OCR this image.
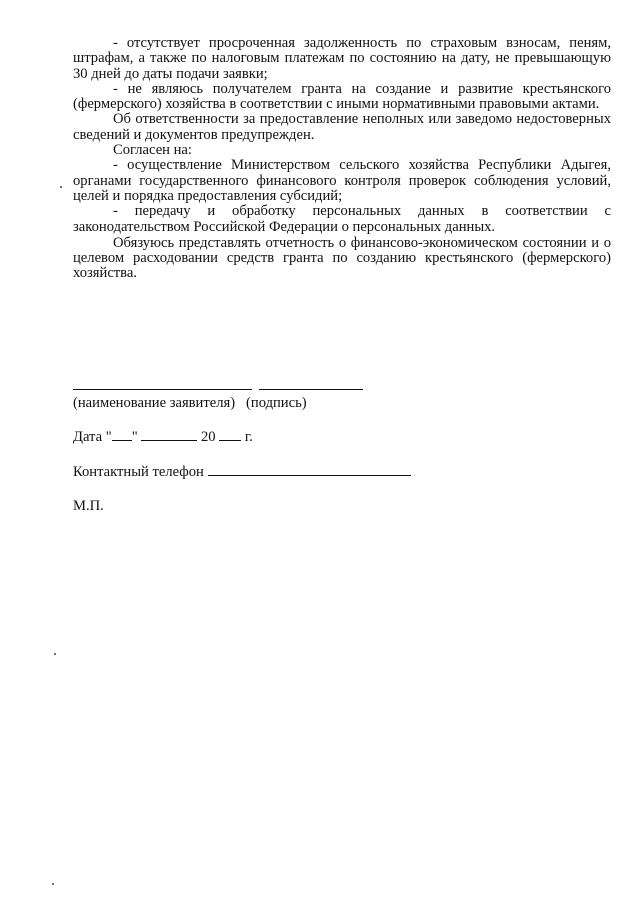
- отсутствует просроченная задолженность по страховым взносам, пеням, штрафам, а также по налоговым платежам по состоянию на дату, не превышающую 30 дней до даты подачи заявки;

- не являюсь получателем гранта на создание и развитие крестьянского (фермерского) хозяйства в соответствии с иными нормативными правовыми актами.

Об ответственности за предоставление неполных или заведомо недостоверных сведений и документов предупрежден.

Согласен на:

- осуществление Министерством сельского хозяйства Республики Адыгея, органами государственного финансового контроля проверок соблюдения условий, целей и порядка предоставления субсидий;

- передачу и обработку персональных данных в соответствии с законодательством Российской Федерации о персональных данных.

Обязуюсь представлять отчетность о финансово-экономическом состоянии и о целевом расходовании средств гранта по созданию крестьянского (фермерского) хозяйства.

(наименование заявителя) (подпись)
Дата " "	20 г.
Контактный телефон
М.П.
